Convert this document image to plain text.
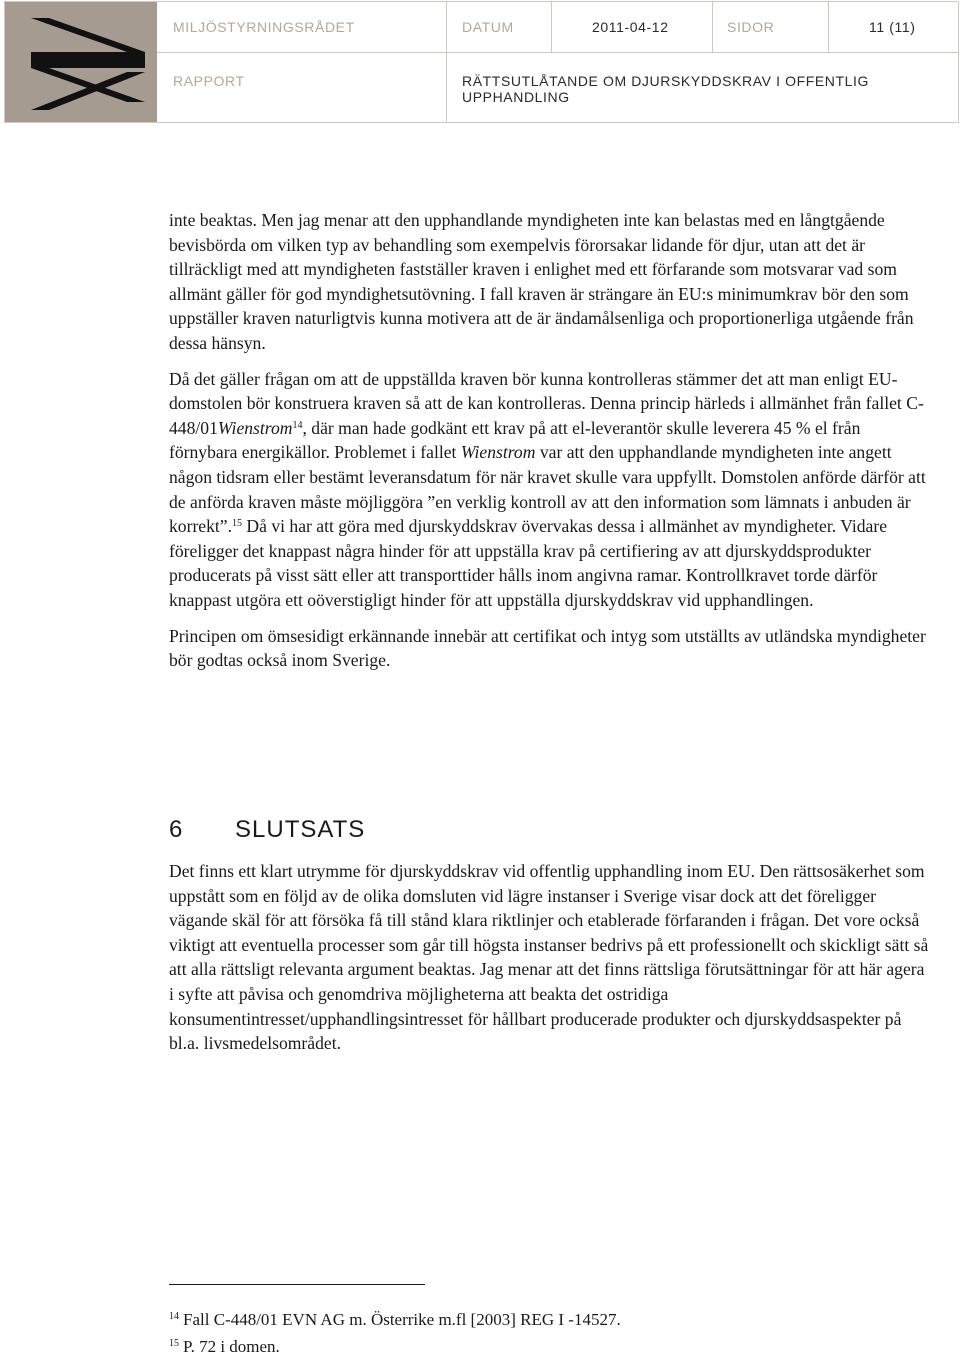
MILJÖSTYRNINGSRÅDET	DATUM	2011-04-12	SIDOR	11 (11)
RAPPORT	RÄTTSUTLÅTANDE OM DJURSKYDDSKRAV I OFFENTLIG UPPHANDLING

inte beaktas. Men jag menar att den upphandlande myndigheten inte kan belastas med en långtgående bevisbörda om vilken typ av behandling som exempelvis förorsakar lidande för djur, utan att det är tillräckligt med att myndigheten fastställer kraven i enlighet med ett förfarande som motsvarar vad som allmänt gäller för god myndighetsutövning. I fall kraven är strängare än EU:s minimumkrav bör den som uppställer kraven naturligtvis kunna motivera att de är ändamålsenliga och proportionerliga utgående från dessa hänsyn.

Då det gäller frågan om att de uppställda kraven bör kunna kontrolleras stämmer det att man enligt EU-domstolen bör konstruera kraven så att de kan kontrolleras. Denna princip härleds i allmänhet från fallet C-448/01Wienstrom$^{14}$, där man hade godkänt ett krav på att el-leverantör skulle leverera 45 % el från förnybara energikällor. Problemet i fallet Wienstrom var att den upphandlande myndigheten inte angett någon tidsram eller bestämt leveransdatum för när kravet skulle vara uppfyllt. Domstolen anförde därför att de anförda kraven måste möjliggöra ”en verklig kontroll av att den information som lämnats i anbuden är korrekt”.$^{15}$ Då vi har att göra med djurskyddskrav övervakas dessa i allmänhet av myndigheter. Vidare föreligger det knappast några hinder för att uppställa krav på certifiering av att djurskyddsprodukter producerats på visst sätt eller att transporttider hålls inom angivna ramar. Kontrollkravet torde därför knappast utgöra ett oöverstigligt hinder för att uppställa djurskyddskrav vid upphandlingen.

Principen om ömsesidigt erkännande innebär att certifikat och intyg som utställts av utländska myndigheter bör godtas också inom Sverige.

6	SLUTSATS

Det finns ett klart utrymme för djurskyddskrav vid offentlig upphandling inom EU. Den rättsosäkerhet som uppstått som en följd av de olika domsluten vid lägre instanser i Sverige visar dock att det föreligger vägande skäl för att försöka få till stånd klara riktlinjer och etablerade förfaranden i frågan. Det vore också viktigt att eventuella processer som går till högsta instanser bedrivs på ett professionellt och skickligt sätt så att alla rättsligt relevanta argument beaktas. Jag menar att det finns rättsliga förutsättningar för att här agera i syfte att påvisa och genomdriva möjligheterna att beakta det ostridiga konsumentintresset/upphandlingsintresset för hållbart producerade produkter och djurskyddsaspekter på bl.a. livsmedelsområdet.

$^{14}$ Fall C-448/01 EVN AG m. Österrike m.fl [2003] REG I -14527.
$^{15}$ P. 72 i domen.
